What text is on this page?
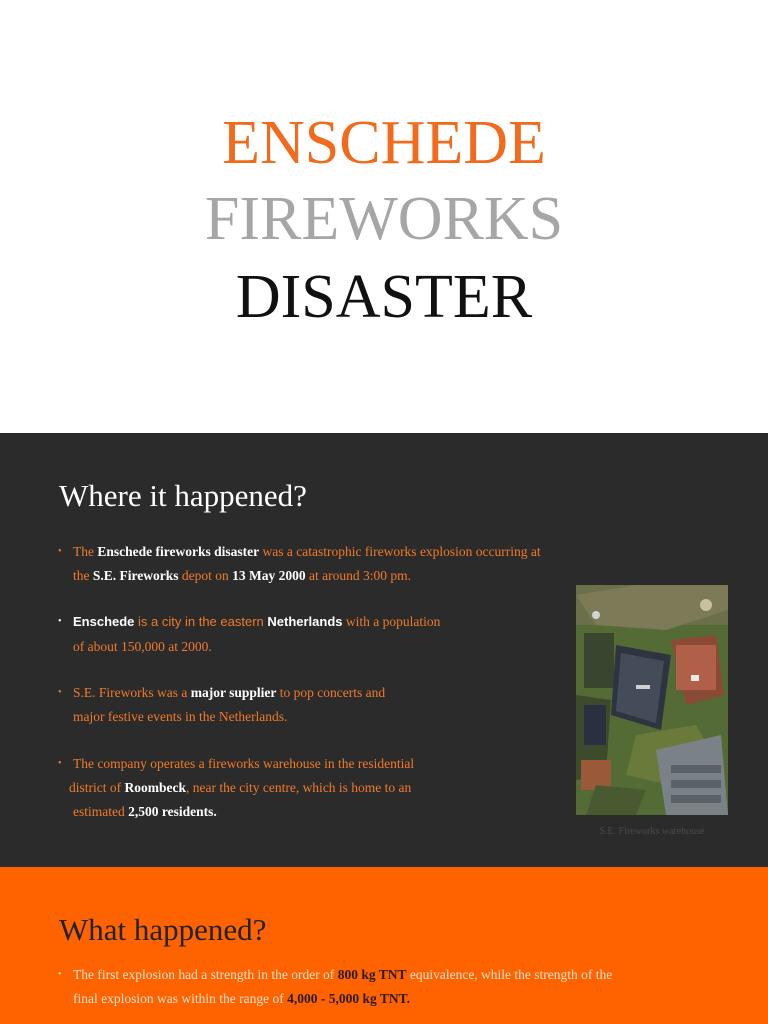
ENSCHEDE
FIREWORKS
DISASTER
Where it happened?
• The Enschede fireworks disaster was a catastrophic fireworks explosion occurring at
the S.E. Fireworks depot on 13 May 2000 at around 3:00 pm.
• Enschede is a city in the eastern Netherlands with a population
of about 150,000 at 2000.
• S.E. Fireworks was a major supplier to pop concerts and
major festive events in the Netherlands.
• The company operates a fireworks warehouse in the residential
district of Roombeck, near the city centre, which is home to an
estimated 2,500 residents.
S.E. Fireworks warehouse
What happened?
• The first explosion had a strength in the order of 800 kg TNT equivalence, while the strength of the
final explosion was within the range of 4,000 - 5,000 kg TNT.
